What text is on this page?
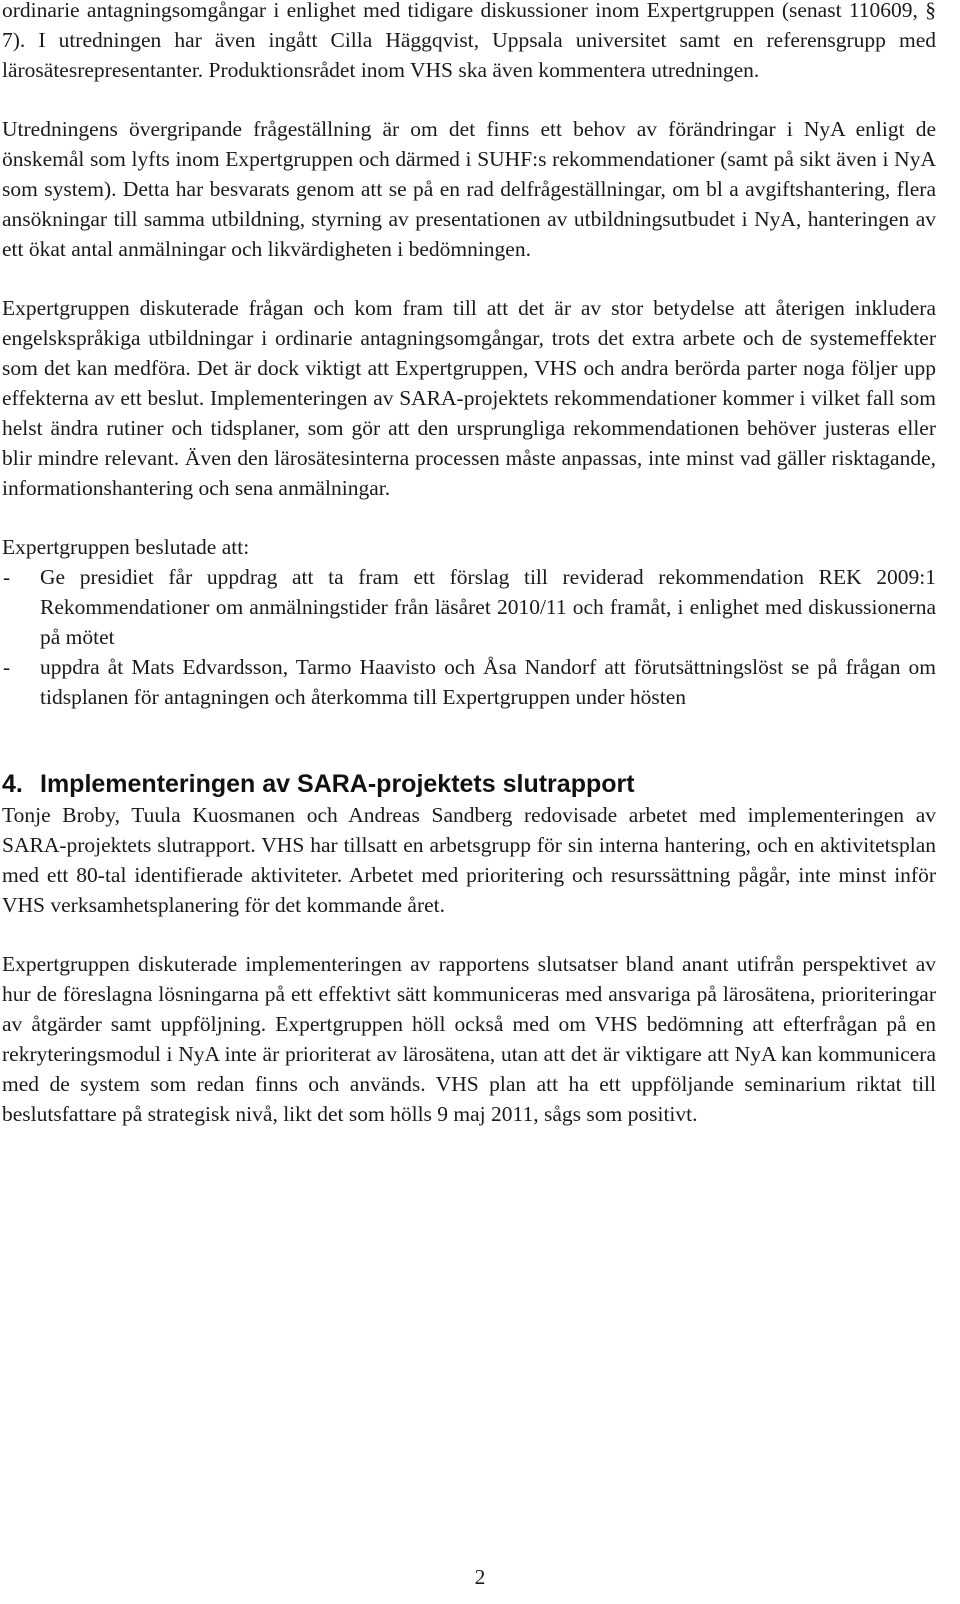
ordinarie antagningsomgångar i enlighet med tidigare diskussioner inom Expertgruppen (senast 110609, § 7). I utredningen har även ingått Cilla Häggqvist, Uppsala universitet samt en referensgrupp med lärosätesrepresentanter. Produktionsrådet inom VHS ska även kommentera utredningen.

Utredningens övergripande frågeställning är om det finns ett behov av förändringar i NyA enligt de önskemål som lyfts inom Expertgruppen och därmed i SUHF:s rekommendationer (samt på sikt även i NyA som system). Detta har besvarats genom att se på en rad delfrågeställningar, om bl a avgiftshantering, flera ansökningar till samma utbildning, styrning av presentationen av utbildningsutbudet i NyA, hanteringen av ett ökat antal anmälningar och likvärdigheten i bedömningen.

Expertgruppen diskuterade frågan och kom fram till att det är av stor betydelse att återigen inkludera engelskspråkiga utbildningar i ordinarie antagningsomgångar, trots det extra arbete och de systemeffekter som det kan medföra. Det är dock viktigt att Expertgruppen, VHS och andra berörda parter noga följer upp effekterna av ett beslut. Implementeringen av SARA-projektets rekommendationer kommer i vilket fall som helst ändra rutiner och tidsplaner, som gör att den ursprungliga rekommendationen behöver justeras eller blir mindre relevant. Även den lärosätesinterna processen måste anpassas, inte minst vad gäller risktagande, informationshantering och sena anmälningar.

Expertgruppen beslutade att:

- Ge presidiet får uppdrag att ta fram ett förslag till reviderad rekommendation REK 2009:1 Rekommendationer om anmälningstider från läsåret 2010/11 och framåt, i enlighet med diskussionerna på mötet
- uppdra åt Mats Edvardsson, Tarmo Haavisto och Åsa Nandorf att förutsättningslöst se på frågan om tidsplanen för antagningen och återkomma till Expertgruppen under hösten
4. Implementeringen av SARA-projektets slutrapport

Tonje Broby, Tuula Kuosmanen och Andreas Sandberg redovisade arbetet med implementeringen av SARA-projektets slutrapport. VHS har tillsatt en arbetsgrupp för sin interna hantering, och en aktivitetsplan med ett 80-tal identifierade aktiviteter. Arbetet med prioritering och resurssättning pågår, inte minst inför VHS verksamhetsplanering för det kommande året.

Expertgruppen diskuterade implementeringen av rapportens slutsatser bland anant utifrån perspektivet av hur de föreslagna lösningarna på ett effektivt sätt kommuniceras med ansvariga på lärosätena, prioriteringar av åtgärder samt uppföljning. Expertgruppen höll också med om VHS bedömning att efterfrågan på en rekryteringsmodul i NyA inte är prioriterat av lärosätena, utan att det är viktigare att NyA kan kommunicera med de system som redan finns och används. VHS plan att ha ett uppföljande seminarium riktat till beslutsfattare på strategisk nivå, likt det som hölls 9 maj 2011, sågs som positivt.

2
